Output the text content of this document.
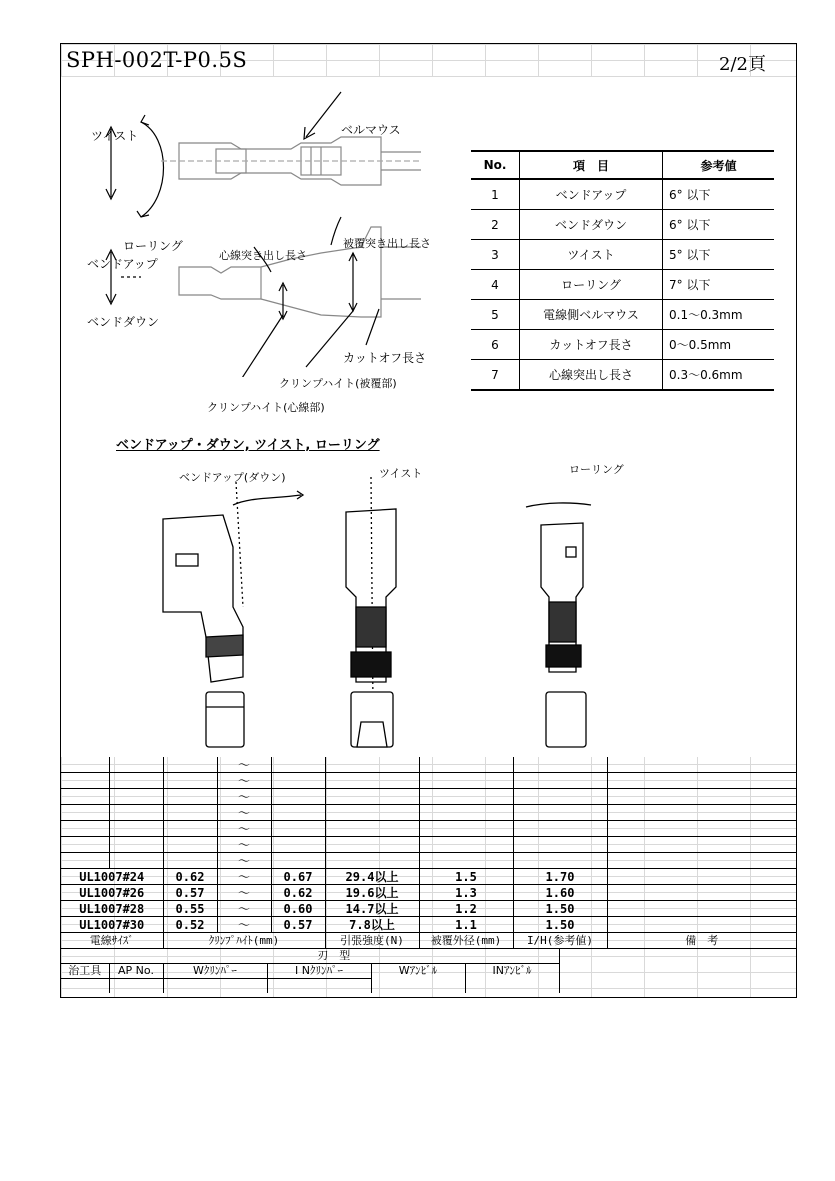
SPH-002T-P0.5S	2/2頁
ツイスト
ローリング
ベンドアップ
ベンドダウン
ベルマウス
心線突き出し長さ
被覆突き出し長さ
カットオフ長さ
クリンプハイト(被覆部)
クリンプハイト(心線部)
No.	項　目	参考値
1	ベンドアップ	6° 以下
2	ベンドダウン	6° 以下
3	ツイスト	5° 以下
4	ローリング	7° 以下
5	電線側ベルマウス	0.1～0.3mm
6	カットオフ長さ	0～0.5mm
7	心線突出し長さ	0.3～0.6mm
ベンドアップ・ダウン, ツイスト, ローリング
ベンドアップ(ダウン)	ツイスト	ローリング
			～					
			～					
			～					
			～					
			～					
			～					
			～					
UL1007#24		0.62	～	0.67	29.4以上	1.5	1.70	
UL1007#26		0.57	～	0.62	19.6以上	1.3	1.60	
UL1007#28		0.55	～	0.60	14.7以上	1.2	1.50	
UL1007#30		0.52	～	0.57	7.8以上	1.1	1.50	
電線ｻｲｽﾞ		ｸﾘﾝﾌﾟﾊｲﾄ(mm)			引張強度(N)	被覆外径(mm)	I/H(参考値)	備　考
	刃　型					
治工具	AP No.	Wｸﾘﾝﾊﾟｰ	I Nｸﾘﾝﾊﾟｰ	Wｱﾝﾋﾞﾙ	INｱﾝﾋﾞﾙ	
